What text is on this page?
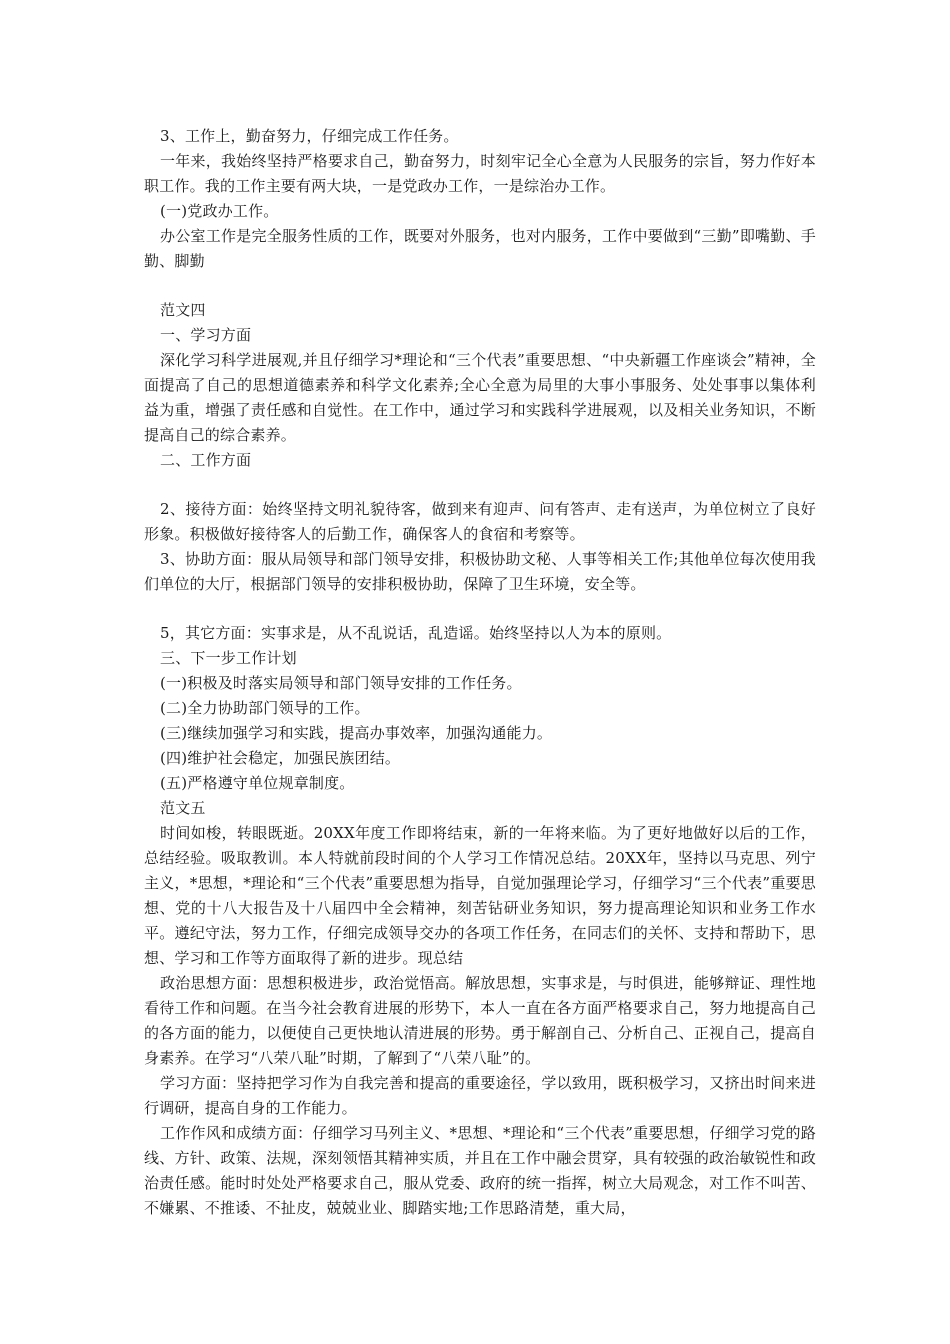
3、工作上，勤奋努力，仔细完成工作任务。

一年来，我始终坚持严格要求自己，勤奋努力，时刻牢记全心全意为人民服务的宗旨，努力作好本职工作。我的工作主要有两大块，一是党政办工作，一是综治办工作。

(一)党政办工作。

办公室工作是完全服务性质的工作，既要对外服务，也对内服务，工作中要做到“三勤”即嘴勤、手勤、脚勤

范文四

一、学习方面

深化学习科学进展观,并且仔细学习*理论和“三个代表”重要思想、“中央新疆工作座谈会”精神，全面提高了自己的思想道德素养和科学文化素养;全心全意为局里的大事小事服务、处处事事以集体利益为重，增强了责任感和自觉性。在工作中，通过学习和实践科学进展观，以及相关业务知识，不断提高自己的综合素养。

二、工作方面

2、接待方面：始终坚持文明礼貌待客，做到来有迎声、问有答声、走有送声，为单位树立了良好形象。积极做好接待客人的后勤工作，确保客人的食宿和考察等。

3、协助方面：服从局领导和部门领导安排，积极协助文秘、人事等相关工作;其他单位每次使用我们单位的大厅，根据部门领导的安排积极协助，保障了卫生环境，安全等。

5，其它方面：实事求是，从不乱说话，乱造谣。始终坚持以人为本的原则。

三、下一步工作计划

(一)积极及时落实局领导和部门领导安排的工作任务。

(二)全力协助部门领导的工作。

(三)继续加强学习和实践，提高办事效率，加强沟通能力。

(四)维护社会稳定，加强民族团结。

(五)严格遵守单位规章制度。

范文五

时间如梭，转眼既逝。20XX年度工作即将结束，新的一年将来临。为了更好地做好以后的工作，总结经验。吸取教训。本人特就前段时间的个人学习工作情况总结。20XX年，坚持以马克思、列宁主义，*思想，*理论和“三个代表”重要思想为指导，自觉加强理论学习，仔细学习“三个代表”重要思想、党的十八大报告及十八届四中全会精神，刻苦钻研业务知识，努力提高理论知识和业务工作水平。遵纪守法，努力工作，仔细完成领导交办的各项工作任务，在同志们的关怀、支持和帮助下，思想、学习和工作等方面取得了新的进步。现总结

政治思想方面：思想积极进步，政治觉悟高。解放思想，实事求是，与时俱进，能够辩证、理性地看待工作和问题。在当今社会教育进展的形势下，本人一直在各方面严格要求自己，努力地提高自己的各方面的能力，以便使自己更快地认清进展的形势。勇于解剖自己、分析自己、正视自己，提高自身素养。在学习“八荣八耻”时期，了解到了“八荣八耻”的。

学习方面：坚持把学习作为自我完善和提高的重要途径，学以致用，既积极学习，又挤出时间来进行调研，提高自身的工作能力。

工作作风和成绩方面：仔细学习马列主义、*思想、*理论和“三个代表”重要思想，仔细学习党的路线、方针、政策、法规，深刻领悟其精神实质，并且在工作中融会贯穿，具有较强的政治敏锐性和政治责任感。能时时处处严格要求自己，服从党委、政府的统一指挥，树立大局观念，对工作不叫苦、不嫌累、不推诿、不扯皮，兢兢业业、脚踏实地;工作思路清楚，重大局，
